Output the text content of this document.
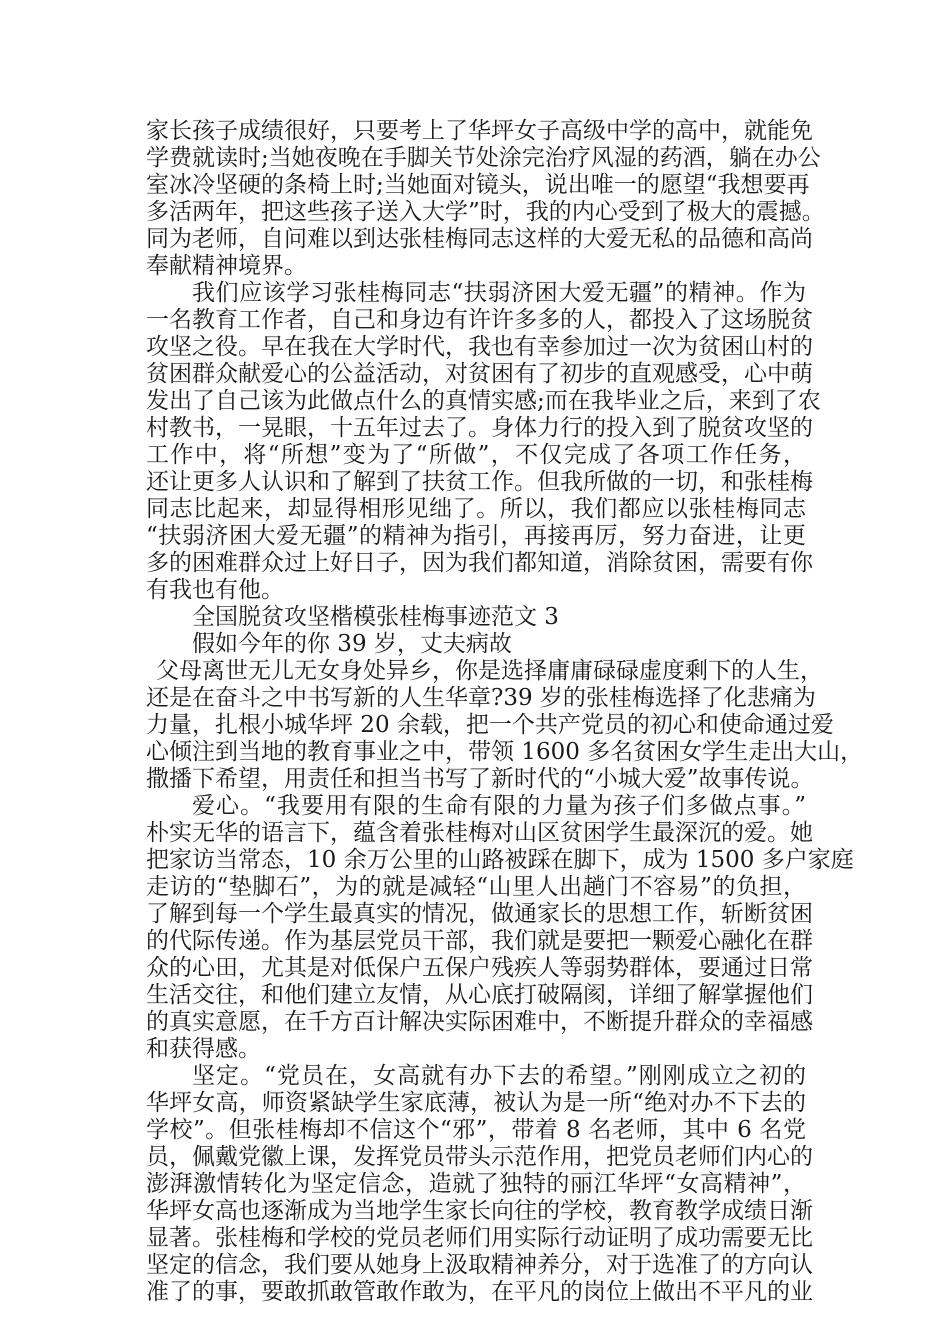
家长孩子成绩很好，只要考上了华坪女子高级中学的高中，就能免
学费就读时;当她夜晚在手脚关节处涂完治疗风湿的药酒，躺在办公
室冰冷坚硬的条椅上时;当她面对镜头，说出唯一的愿望“我想要再
多活两年，把这些孩子送入大学”时，我的内心受到了极大的震撼。
同为老师，自问难以到达张桂梅同志这样的大爱无私的品德和高尚
奉献精神境界。
我们应该学习张桂梅同志“扶弱济困大爱无疆”的精神。作为
一名教育工作者，自己和身边有许许多多的人，都投入了这场脱贫
攻坚之役。早在我在大学时代，我也有幸参加过一次为贫困山村的
贫困群众献爱心的公益活动，对贫困有了初步的直观感受，心中萌
发出了自己该为此做点什么的真情实感;而在我毕业之后，来到了农
村教书，一晃眼，十五年过去了。身体力行的投入到了脱贫攻坚的
工作中，将“所想”变为了“所做”，不仅完成了各项工作任务，
还让更多人认识和了解到了扶贫工作。但我所做的一切，和张桂梅
同志比起来，却显得相形见绌了。所以，我们都应以张桂梅同志
“扶弱济困大爱无疆”的精神为指引，再接再厉，努力奋进，让更
多的困难群众过上好日子，因为我们都知道，消除贫困，需要有你
有我也有他。
全国脱贫攻坚楷模张桂梅事迹范文 3
假如今年的你 39 岁，丈夫病故
父母离世无儿无女身处异乡，你是选择庸庸碌碌虚度剩下的人生，
还是在奋斗之中书写新的人生华章?39 岁的张桂梅选择了化悲痛为
力量，扎根小城华坪 20 余载，把一个共产党员的初心和使命通过爱
心倾注到当地的教育事业之中，带领 1600 多名贫困女学生走出大山，
撒播下希望，用责任和担当书写了新时代的“小城大爱”故事传说。
爱心。“我要用有限的生命有限的力量为孩子们多做点事。”
朴实无华的语言下，蕴含着张桂梅对山区贫困学生最深沉的爱。她
把家访当常态，10 余万公里的山路被踩在脚下，成为 1500 多户家庭
走访的“垫脚石”，为的就是减轻“山里人出趟门不容易”的负担，
了解到每一个学生最真实的情况，做通家长的思想工作，斩断贫困
的代际传递。作为基层党员干部，我们就是要把一颗爱心融化在群
众的心田，尤其是对低保户五保户残疾人等弱势群体，要通过日常
生活交往，和他们建立友情，从心底打破隔阂，详细了解掌握他们
的真实意愿，在千方百计解决实际困难中，不断提升群众的幸福感
和获得感。
坚定。“党员在，女高就有办下去的希望。”刚刚成立之初的
华坪女高，师资紧缺学生家底薄，被认为是一所“绝对办不下去的
学校”。但张桂梅却不信这个“邪”，带着 8 名老师，其中 6 名党
员，佩戴党徽上课，发挥党员带头示范作用，把党员老师们内心的
澎湃激情转化为坚定信念，造就了独特的丽江华坪“女高精神”，
华坪女高也逐渐成为当地学生家长向往的学校，教育教学成绩日渐
显著。张桂梅和学校的党员老师们用实际行动证明了成功需要无比
坚定的信念，我们要从她身上汲取精神养分，对于选准了的方向认
准了的事，要敢抓敢管敢作敢为，在平凡的岗位上做出不平凡的业
